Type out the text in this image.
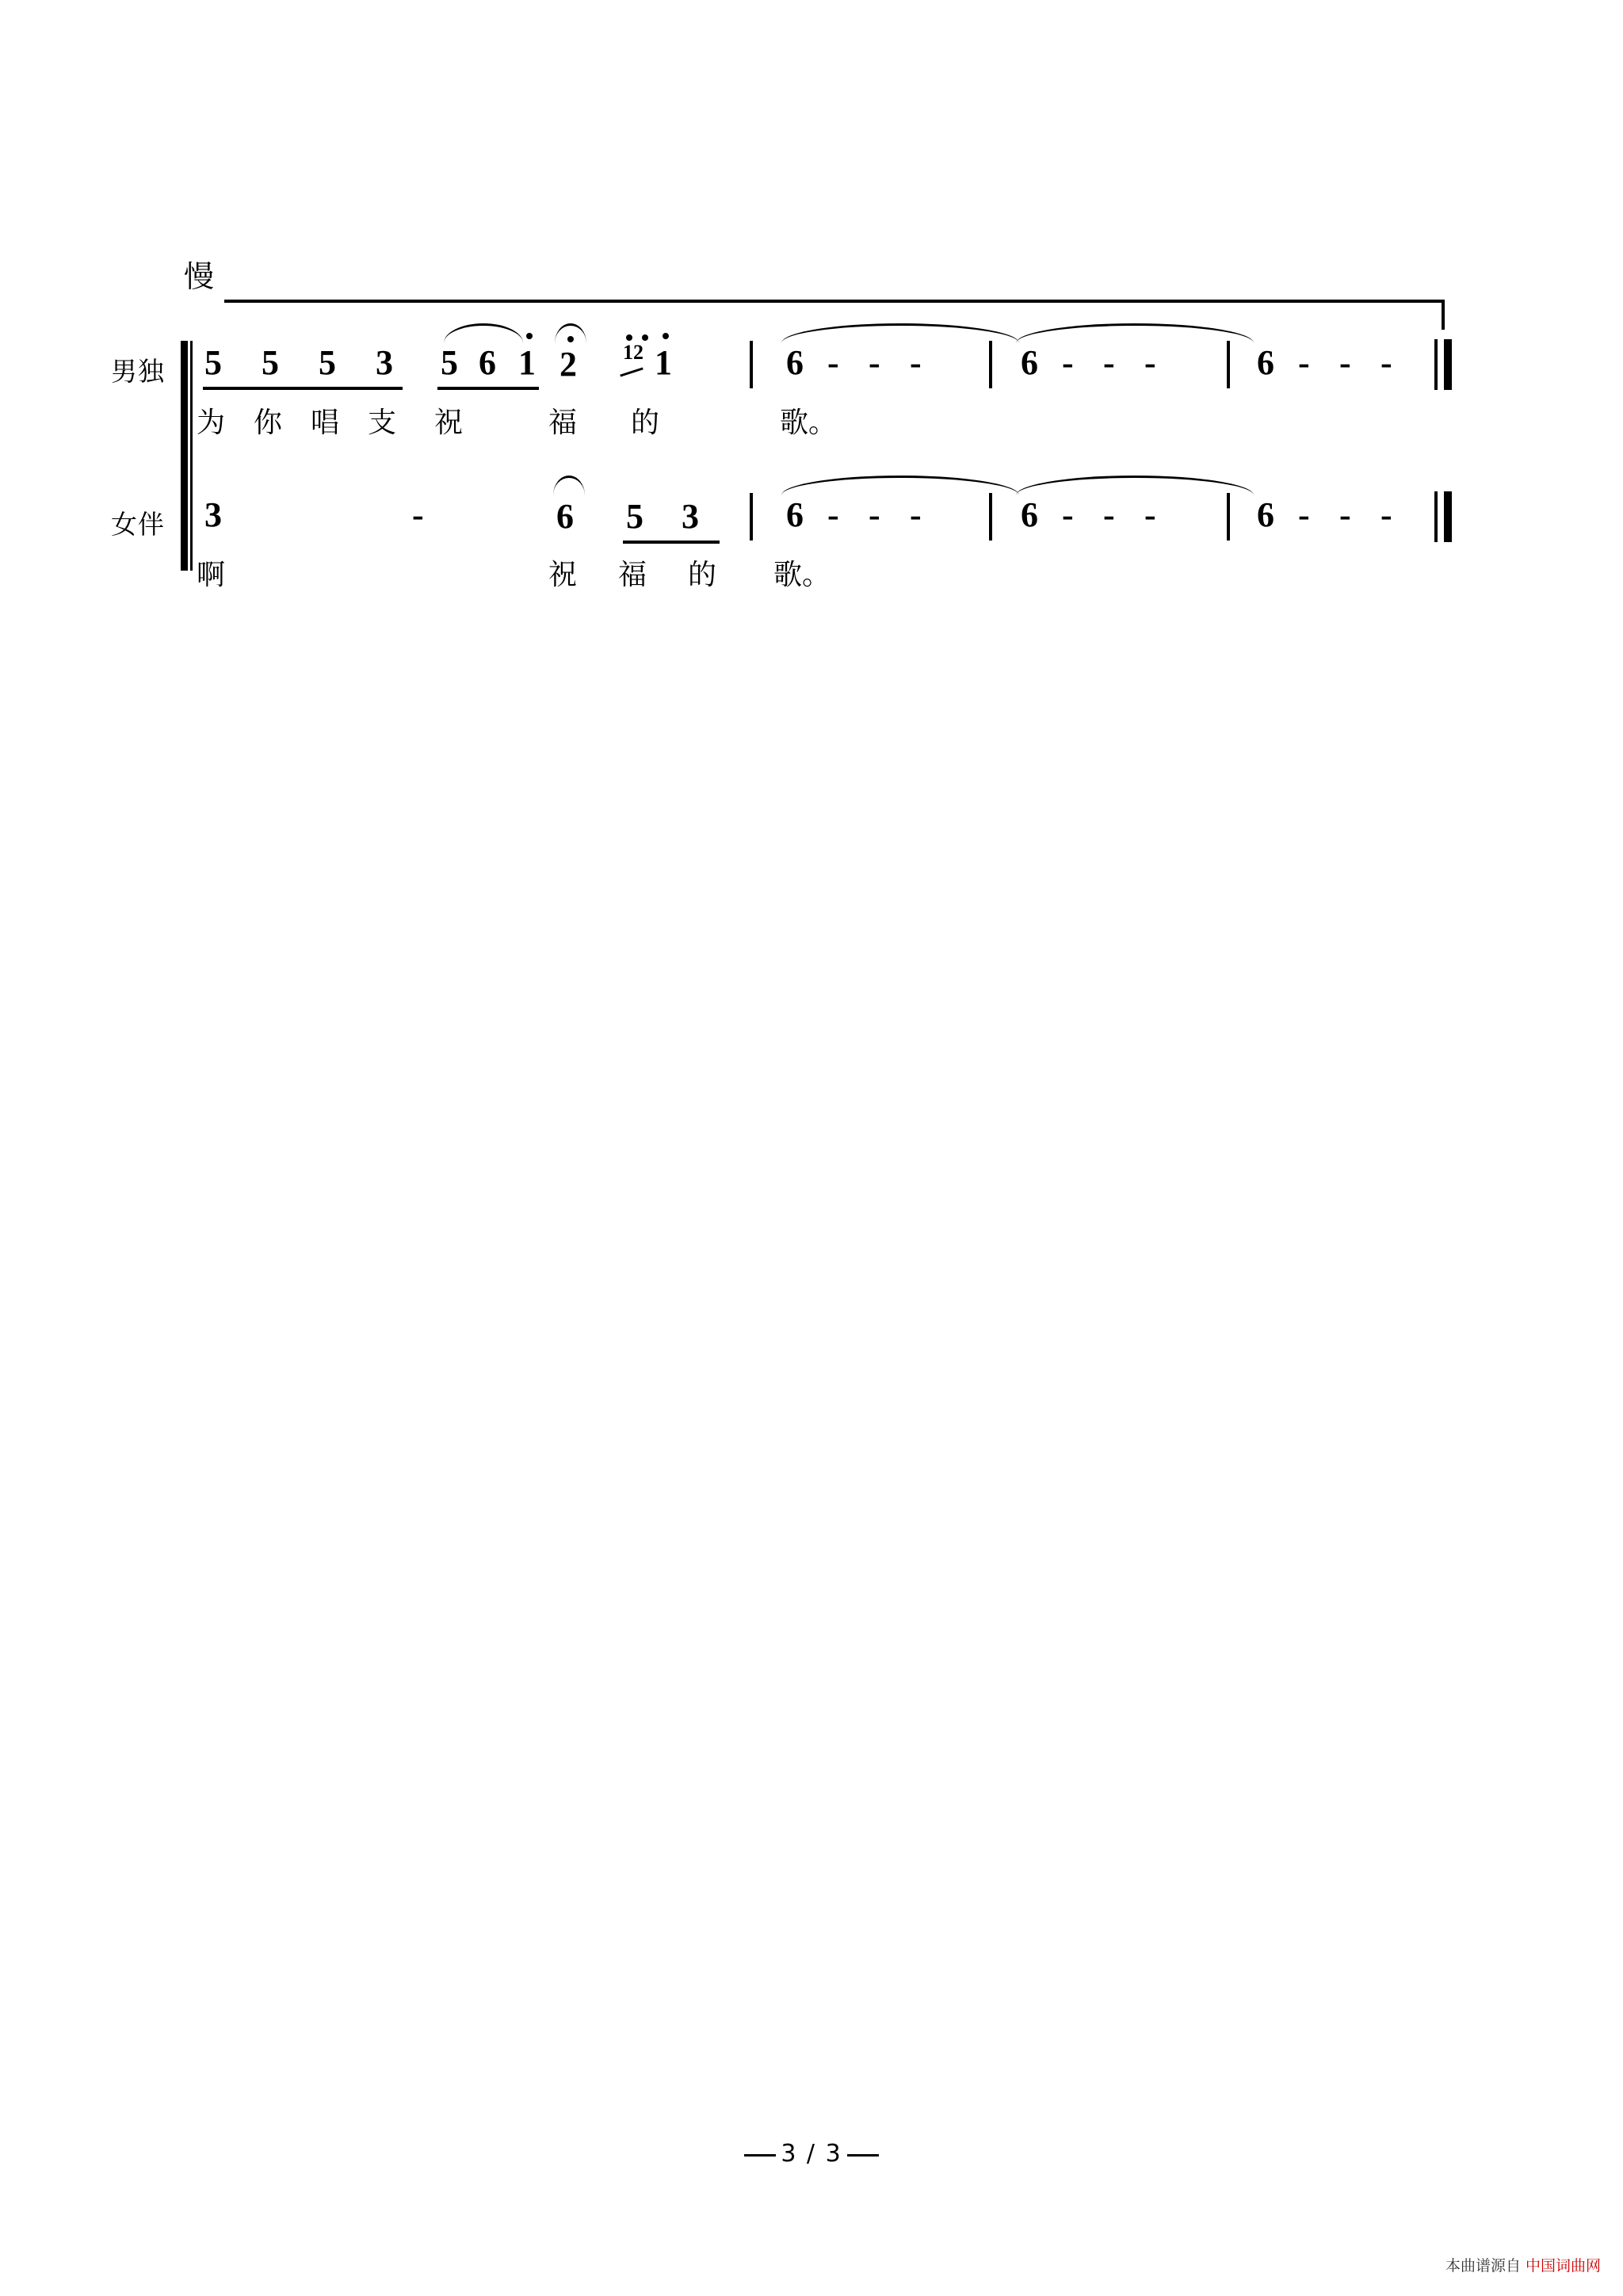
慢
男独 5 5 5 3 5 6 1 2 12 1	6 - - -	6 - - -	6 - - -
为 你 唱 支 祝	福 的	歌。
女伴 3	-	6 5 3	6 - - -	6 - - -	6 - - -
啊	祝 福 的 歌。
3 / 3
本曲谱源自 中国词曲网
